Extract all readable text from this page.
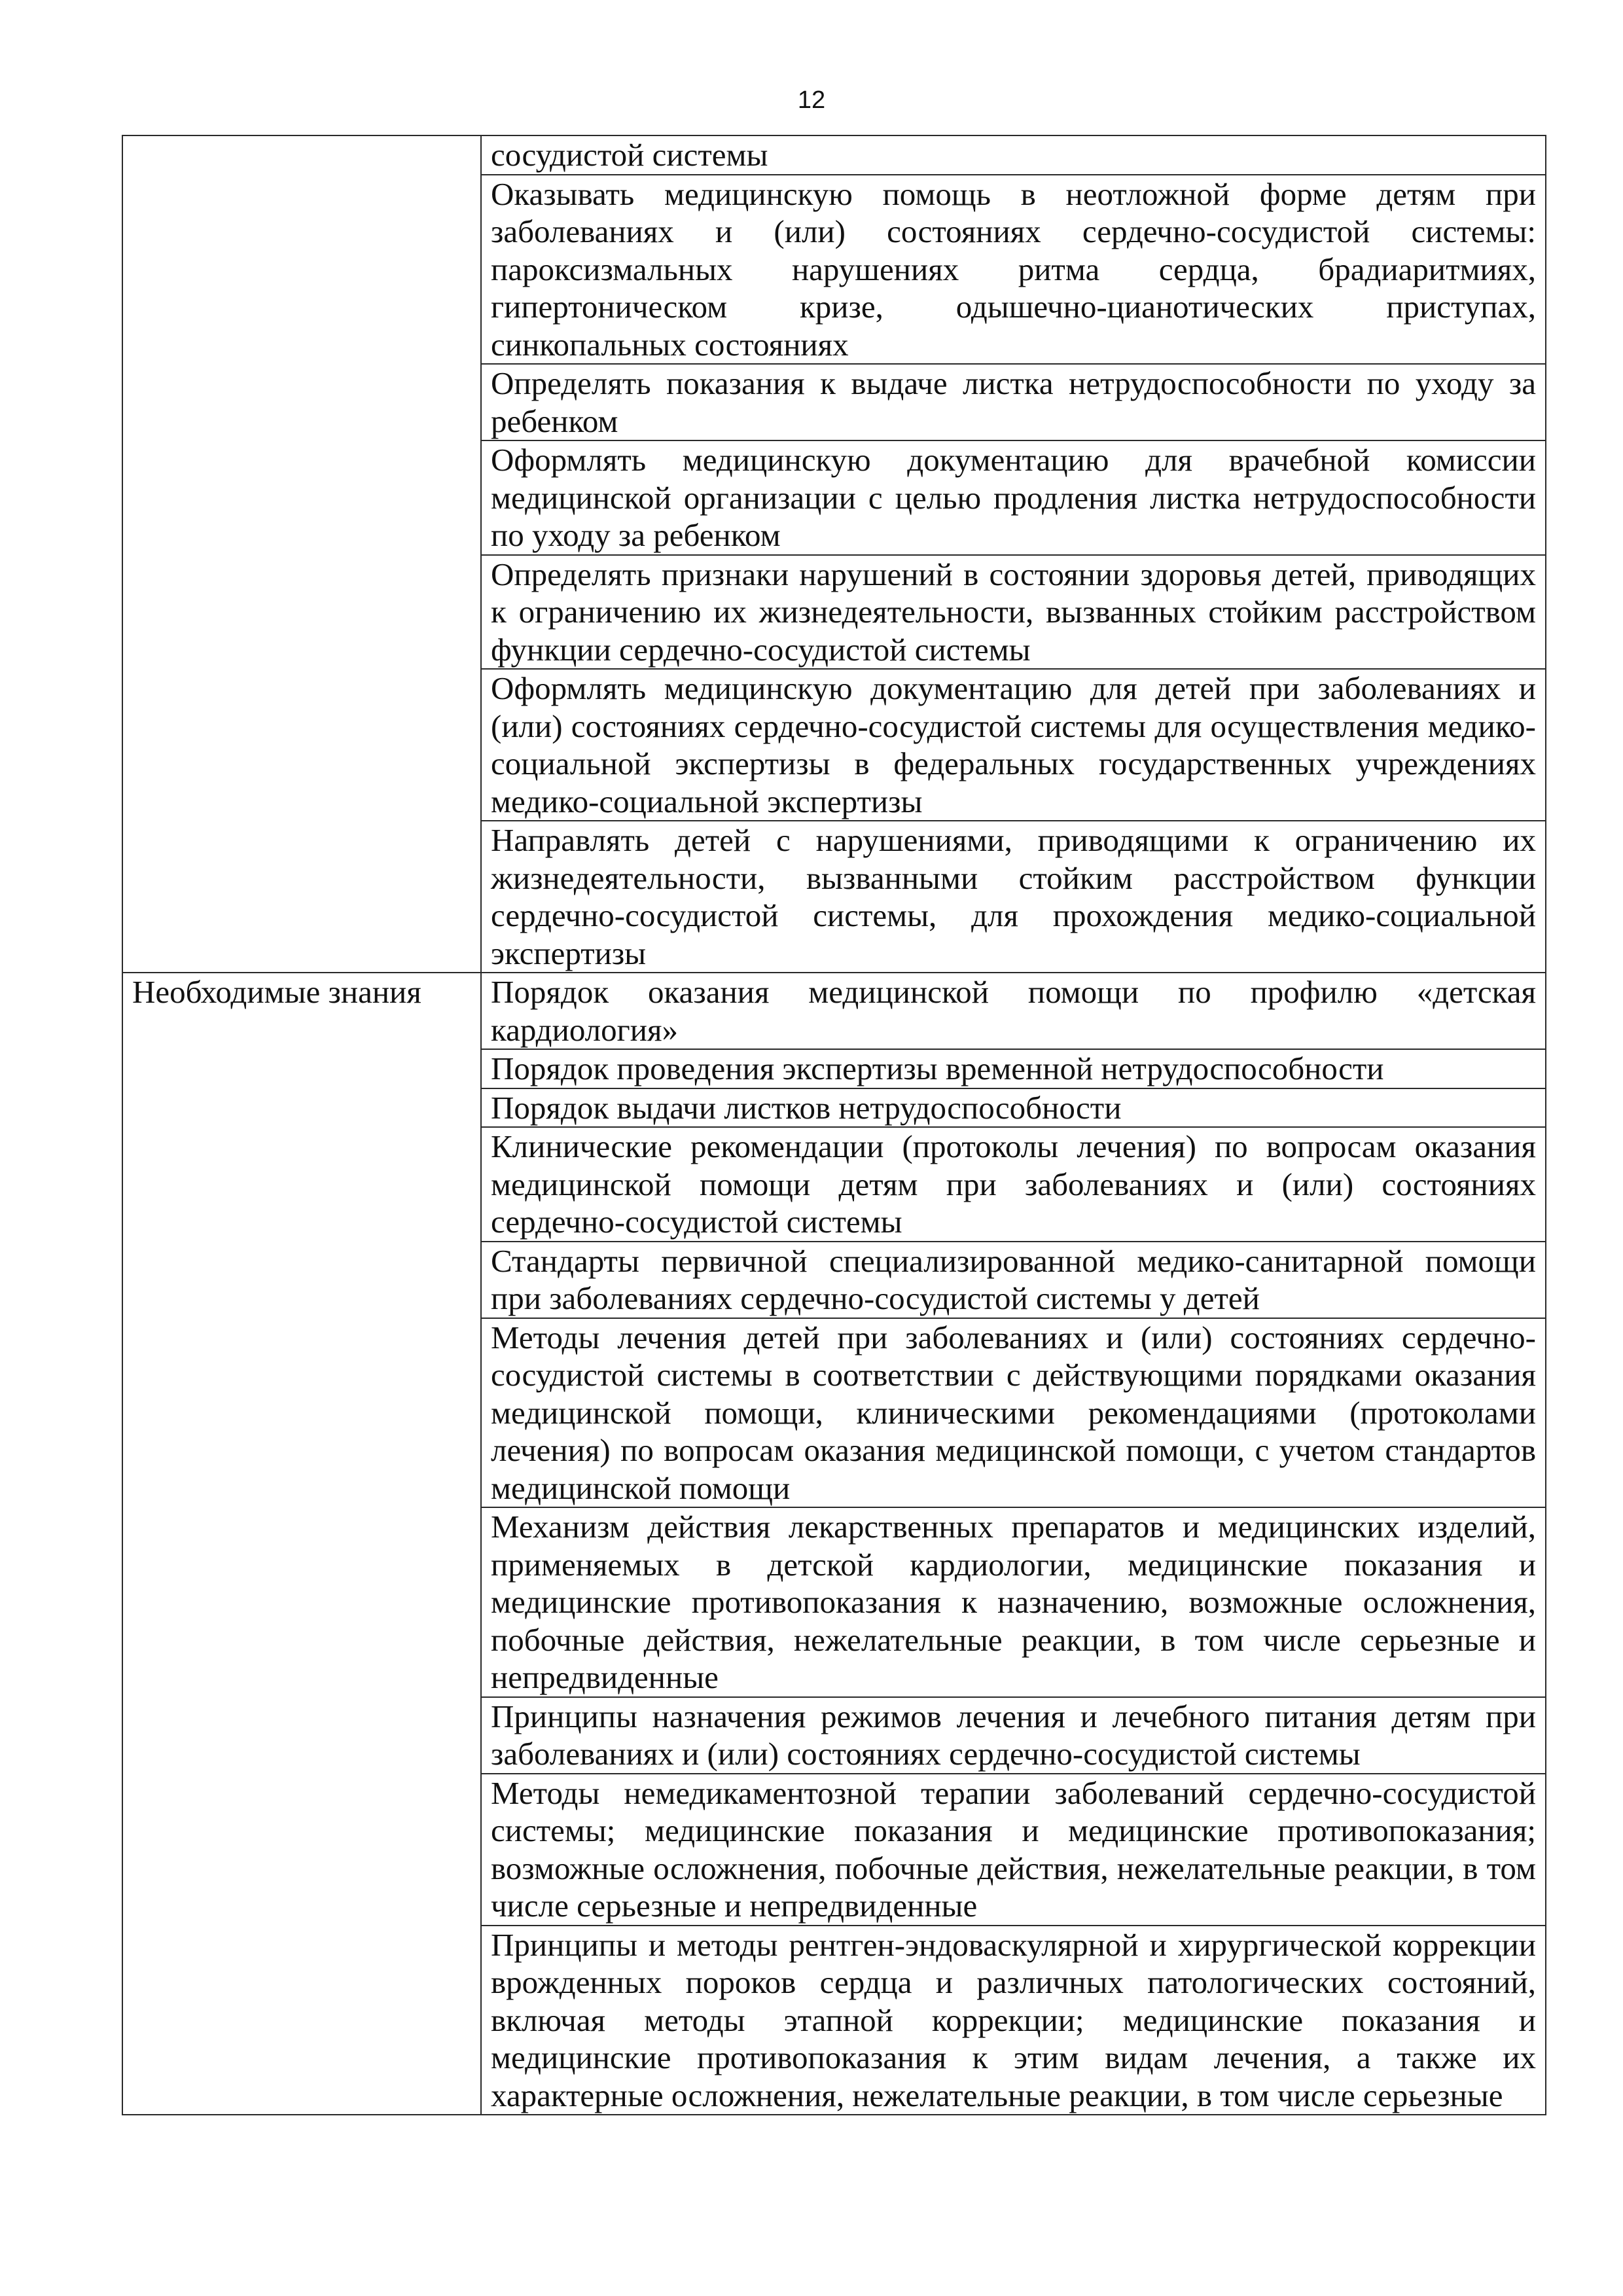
12
	сосудистой системы
	Оказывать медицинскую помощь в неотложной форме детям при заболеваниях и (или) состояниях сердечно-сосудистой системы: пароксизмальных нарушениях ритма сердца, брадиаритмиях, гипертоническом кризе, одышечно-цианотических приступах, синкопальных состояниях
	Определять показания к выдаче листка нетрудоспособности по уходу за ребенком
	Оформлять медицинскую документацию для врачебной комиссии медицинской организации с целью продления листка нетрудоспособности по уходу за ребенком
	Определять признаки нарушений в состоянии здоровья детей, приводящих к ограничению их жизнедеятельности, вызванных стойким расстройством функции сердечно-сосудистой системы
	Оформлять медицинскую документацию для детей при заболеваниях и (или) состояниях сердечно-сосудистой системы для осуществления медико-социальной экспертизы в федеральных государственных учреждениях медико-социальной экспертизы
	Направлять детей с нарушениями, приводящими к ограничению их жизнедеятельности, вызванными стойким расстройством функции сердечно-сосудистой системы, для прохождения медико-социальной экспертизы
Необходимые знания	Порядок оказания медицинской помощи по профилю «детская кардиология»
	Порядок проведения экспертизы временной нетрудоспособности
	Порядок выдачи листков нетрудоспособности
	Клинические рекомендации (протоколы лечения) по вопросам оказания медицинской помощи детям при заболеваниях и (или) состояниях сердечно-сосудистой системы
	Стандарты первичной специализированной медико-санитарной помощи при заболеваниях сердечно-сосудистой системы у детей
	Методы лечения детей при заболеваниях и (или) состояниях сердечно-сосудистой системы в соответствии с действующими порядками оказания медицинской помощи, клиническими рекомендациями (протоколами лечения) по вопросам оказания медицинской помощи, с учетом стандартов медицинской помощи
	Механизм действия лекарственных препаратов и медицинских изделий, применяемых в детской кардиологии, медицинские показания и медицинские противопоказания к назначению, возможные осложнения, побочные действия, нежелательные реакции, в том числе серьезные и непредвиденные
	Принципы назначения режимов лечения и лечебного питания детям при заболеваниях и (или) состояниях сердечно-сосудистой системы
	Методы немедикаментозной терапии заболеваний сердечно-сосудистой системы; медицинские показания и медицинские противопоказания; возможные осложнения, побочные действия, нежелательные реакции, в том числе серьезные и непредвиденные
	Принципы и методы рентген-эндоваскулярной и хирургической коррекции врожденных пороков сердца и различных патологических состояний, включая методы этапной коррекции; медицинские показания и медицинские противопоказания к этим видам лечения, а также их характерные осложнения, нежелательные реакции, в том числе серьезные
